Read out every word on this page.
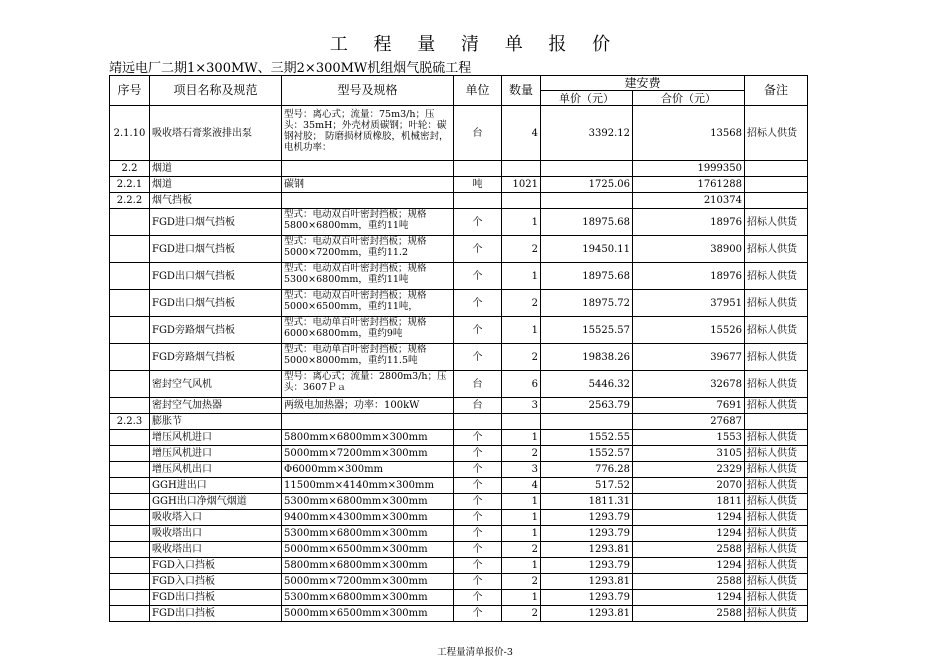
工 程 量 清 单 报 价
靖远电厂二期1×300MW、三期2×300MW机组烟气脱硫工程
序号	项目名称及规范	型号及规格	单位	数量	建安费		备注
					单价（元）	合价（元）	
2.1.10	吸收塔石膏浆液排出泵	型号：离心式；流量：75m3/h；压头：35mH；外壳材质碳钢；叶轮：碳钢衬胶； 防磨损材质橡胶，机械密封， 电机功率：	台	4	3392.12	13568	招标人供货
2.2	烟道					1999350	
2.2.1	烟道	碳钢	吨	1021	1725.06	1761288	
2.2.2	烟气挡板					210374	
	FGD进口烟气挡板	型式：电动双百叶密封挡板；规格5800×6800mm，重约11吨	个	1	18975.68	18976	招标人供货
	FGD进口烟气挡板	型式：电动双百叶密封挡板；规格5000×7200mm，重约11.2	个	2	19450.11	38900	招标人供货
	FGD出口烟气挡板	型式：电动双百叶密封挡板；规格5300×6800mm，重约11吨	个	1	18975.68	18976	招标人供货
	FGD出口烟气挡板	型式：电动双百叶密封挡板；规格5000×6500mm，重约11吨，	个	2	18975.72	37951	招标人供货
	FGD旁路烟气挡板	型式：电动单百叶密封挡板；规格6000×6800mm，重约9吨	个	1	15525.57	15526	招标人供货
	FGD旁路烟气挡板	型式：电动单百叶密封挡板；规格5000×8000mm，重约11.5吨	个	2	19838.26	39677	招标人供货
	密封空气风机	型号：离心式；流量：2800m3/h；压头：3607Ｐａ	台	6	5446.32	32678	招标人供货
	密封空气加热器	两级电加热器；功率：100kW	台	3	2563.79	7691	招标人供货
2.2.3	膨胀节					27687	
	增压风机进口	5800mm×6800mm×300mm	个	1	1552.55	1553	招标人供货
	增压风机进口	5000mm×7200mm×300mm	个	2	1552.57	3105	招标人供货
	增压风机出口	Φ6000mm×300mm	个	3	776.28	2329	招标人供货
	GGH进出口	11500mm×4140mm×300mm	个	4	517.52	2070	招标人供货
	GGH出口净烟气烟道	5300mm×6800mm×300mm	个	1	1811.31	1811	招标人供货
	吸收塔入口	9400mm×4300mm×300mm	个	1	1293.79	1294	招标人供货
	吸收塔出口	5300mm×6800mm×300mm	个	1	1293.79	1294	招标人供货
	吸收塔出口	5000mm×6500mm×300mm	个	2	1293.81	2588	招标人供货
	FGD入口挡板	5800mm×6800mm×300mm	个	1	1293.79	1294	招标人供货
	FGD入口挡板	5000mm×7200mm×300mm	个	2	1293.81	2588	招标人供货
	FGD出口挡板	5300mm×6800mm×300mm	个	1	1293.79	1294	招标人供货
	FGD出口挡板	5000mm×6500mm×300mm	个	2	1293.81	2588	招标人供货
工程量清单报价-3
